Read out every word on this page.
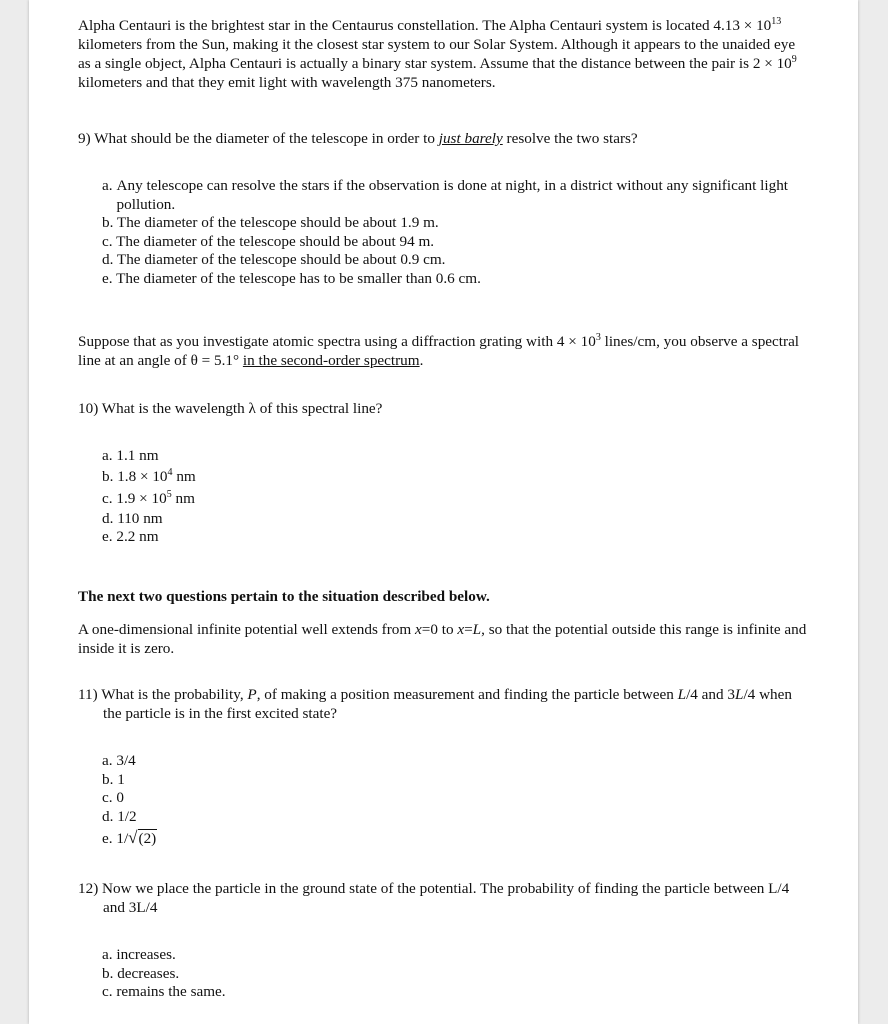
Alpha Centauri is the brightest star in the Centaurus constellation. The Alpha Centauri system is located $4.13 \times 10^{13}$ kilometers from the Sun, making it the closest star system to our Solar System. Although it appears to the unaided eye as a single object, Alpha Centauri is actually a binary star system. Assume that the distance between the pair is $2 \times 10^9$ kilometers and that they emit light with wavelength 375 nanometers.

9) What should be the diameter of the telescope in order to just barely resolve the two stars?

a. Any telescope can resolve the stars if the observation is done at night, in a district without any significant light pollution.
b. The diameter of the telescope should be about 1.9 m.
c. The diameter of the telescope should be about 94 m.
d. The diameter of the telescope should be about 0.9 cm.
e. The diameter of the telescope has to be smaller than 0.6 cm.

Suppose that as you investigate atomic spectra using a diffraction grating with $4 \times 10^3$ lines/cm, you observe a spectral line at an angle of θ = 5.1° in the second-order spectrum.

10) What is the wavelength λ of this spectral line?

a. 1.1 nm
b. $1.8 \times 10^4$ nm
c. $1.9 \times 10^5$ nm
d. 110 nm
e. 2.2 nm

The next two questions pertain to the situation described below.

A one-dimensional infinite potential well extends from x=0 to x=L, so that the potential outside this range is infinite and inside it is zero.

11) What is the probability, P, of making a position measurement and finding the particle between L/4 and 3L/4 when the particle is in the first excited state?

a. 3/4
b. 1
c. 0
d. 1/2
e. 1/√(2)

12) Now we place the particle in the ground state of the potential. The probability of finding the particle between L/4 and 3L/4

a. increases.
b. decreases.
c. remains the same.
